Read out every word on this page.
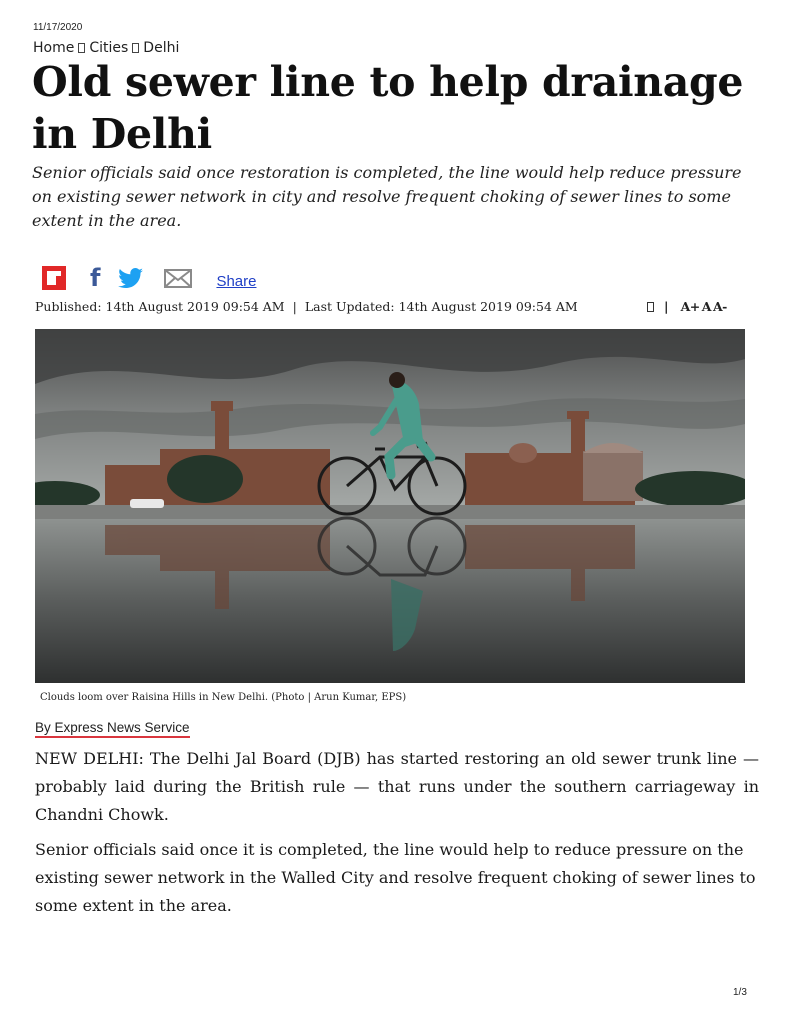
11/17/2020
Home Cities Delhi
Old sewer line to help drainage in Delhi

Senior officials said once restoration is completed, the line would help reduce pressure on existing sewer network in city and resolve frequent choking of sewer lines to some extent in the area.

f	Share
Published: 14th August 2019 09:54 AM | Last Updated: 14th August 2019 09:54 AM	| A+ A A-
Clouds loom over Raisina Hills in New Delhi. (Photo | Arun Kumar, EPS)
By Express News Service

NEW DELHI: The Delhi Jal Board (DJB) has started restoring an old sewer trunk line — probably laid during the British rule — that runs under the southern carriageway in Chandni Chowk.

Senior officials said once it is completed, the line would help to reduce pressure on the existing sewer network in the Walled City and resolve frequent choking of sewer lines to some extent in the area.

1/3
